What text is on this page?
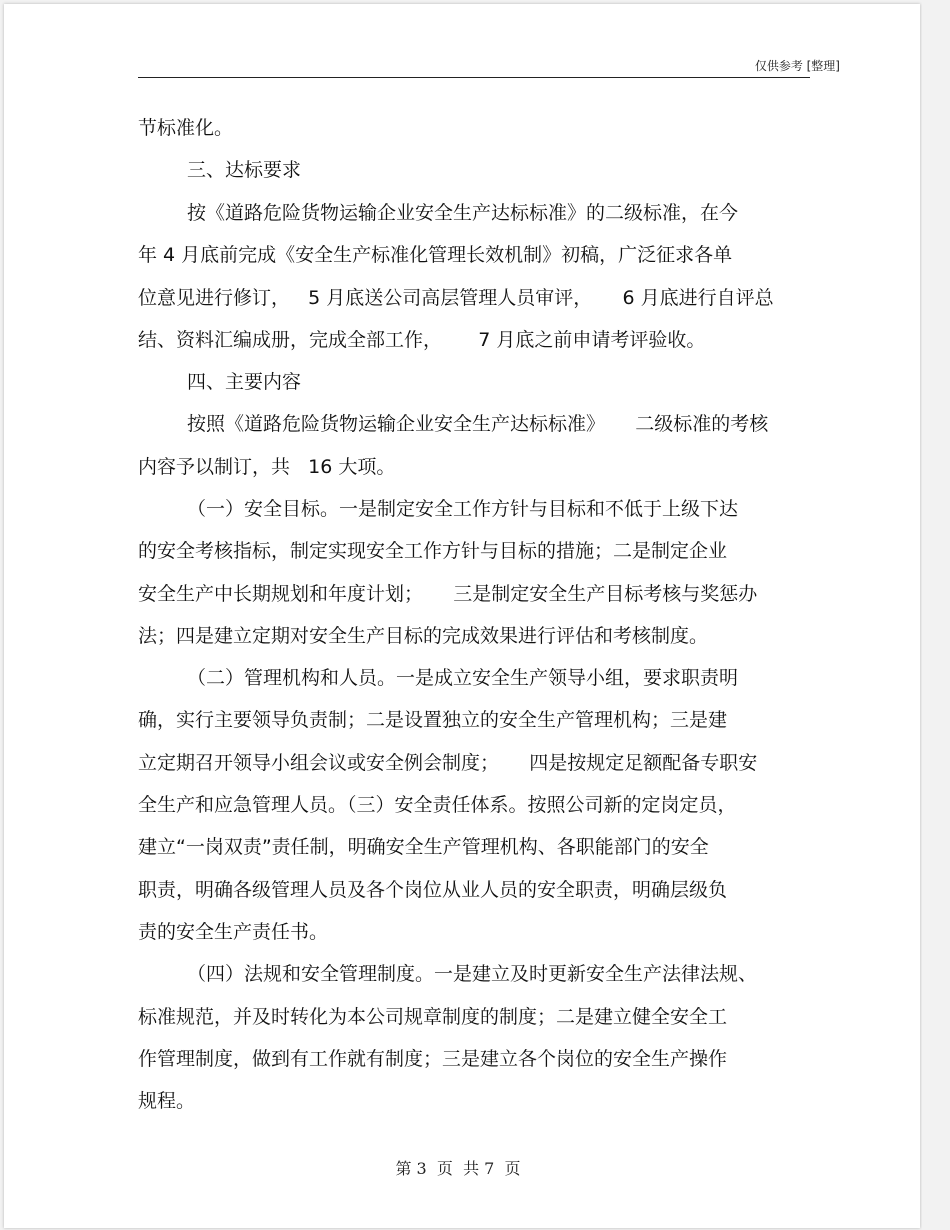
仅供参考 [整理]
节标准化。
三、达标要求
按《道路危险货物运输企业安全生产达标标准》的二级标准，在今
年 4 月底前完成《安全生产标准化管理长效机制》初稿，广泛征求各单
位意见进行修订，   5 月底送公司高层管理人员审评，     6 月底进行自评总
结、资料汇编成册，完成全部工作，      7 月底之前申请考评验收。
四、主要内容
按照《道路危险货物运输企业安全生产达标标准》     二级标准的考核
内容予以制订，共   16 大项。
（一）安全目标。一是制定安全工作方针与目标和不低于上级下达
的安全考核指标，制定实现安全工作方针与目标的措施；二是制定企业
安全生产中长期规划和年度计划；     三是制定安全生产目标考核与奖惩办
法；四是建立定期对安全生产目标的完成效果进行评估和考核制度。
（二）管理机构和人员。一是成立安全生产领导小组，要求职责明
确，实行主要领导负责制；二是设置独立的安全生产管理机构；三是建
立定期召开领导小组会议或安全例会制度；     四是按规定足额配备专职安
全生产和应急管理人员。（三）安全责任体系。按照公司新的定岗定员，
建立“一岗双责”责任制，明确安全生产管理机构、各职能部门的安全
职责，明确各级管理人员及各个岗位从业人员的安全职责，明确层级负
责的安全生产责任书。
（四）法规和安全管理制度。一是建立及时更新安全生产法律法规、
标准规范，并及时转化为本公司规章制度的制度；二是建立健全安全工
作管理制度，做到有工作就有制度；三是建立各个岗位的安全生产操作
规程。
第 3  页  共 7  页
